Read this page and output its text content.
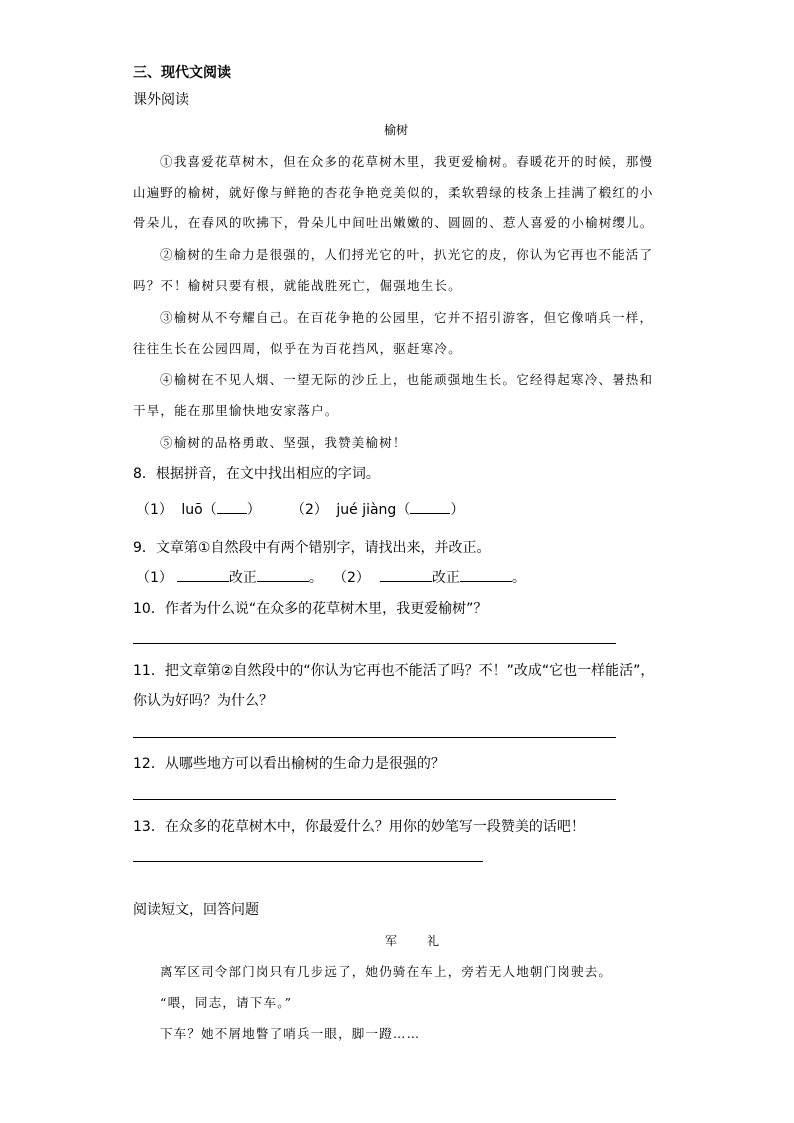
三、现代文阅读
课外阅读
榆树
①我喜爱花草树木，但在众多的花草树木里，我更爱榆树。春暖花开的时候，那慢
山遍野的榆树，就好像与鲜艳的杏花争艳竞美似的，柔软碧绿的枝条上挂满了椴红的小
骨朵儿，在春风的吹拂下，骨朵儿中间吐出嫩嫩的、圆圆的、惹人喜爱的小榆树缨儿。
②榆树的生命力是很强的，人们捋光它的叶，扒光它的皮，你认为它再也不能活了
吗？不！榆树只要有根，就能战胜死亡，倔强地生长。
③榆树从不夸耀自己。在百花争艳的公园里，它并不招引游客，但它像哨兵一样，
往往生长在公园四周，似乎在为百花挡风，驱赶寒冷。
④榆树在不见人烟、一望无际的沙丘上，也能顽强地生长。它经得起寒冷、暑热和
干旱，能在那里愉快地安家落户。
⑤榆树的品格勇敢、坚强，我赞美榆树！
8．根据拼音，在文中找出相应的字词。
（1） luō（ ） （2） jué jiàng（	）
9．文章第①自然段中有两个错别字，请找出来，并改正。
（1）	改正	。 （2）	改正	。
10．作者为什么说“在众多的花草树木里，我更爱榆树”？
11．把文章第②自然段中的“你认为它再也不能活了吗？不！”改成“它也一样能活”，
你认为好吗？为什么？
12．从哪些地方可以看出榆树的生命力是很强的？
13．在众多的花草树木中，你最爱什么？用你的妙笔写一段赞美的话吧！
阅读短文，回答问题
军	礼
离军区司令部门岗只有几步远了，她仍骑在车上，旁若无人地朝门岗驶去。
“喂，同志，请下车。”
下车？她不屑地瞥了哨兵一眼，脚一蹬……
